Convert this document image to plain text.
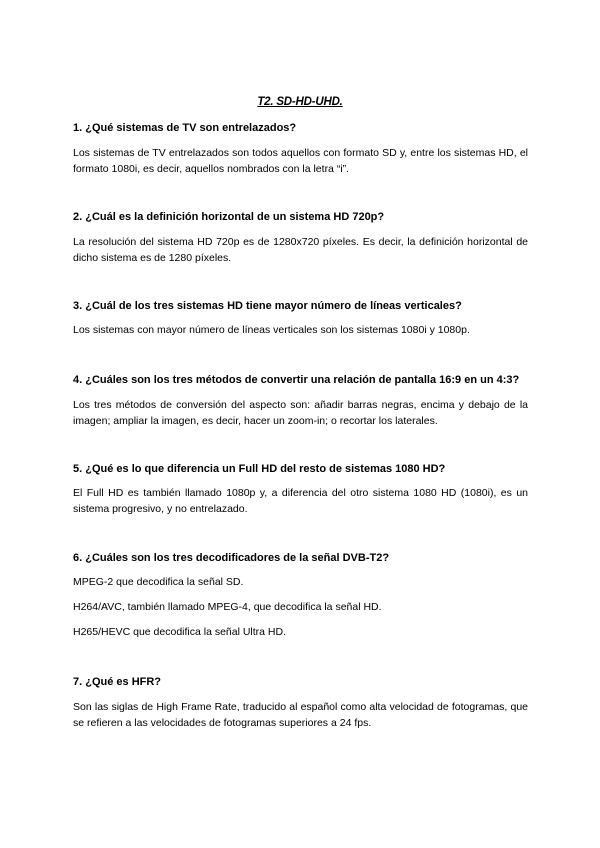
T2. SD-HD-UHD.
1. ¿Qué sistemas de TV son entrelazados?
Los sistemas de TV entrelazados son todos aquellos con formato SD y, entre los sistemas HD, el formato 1080i, es decir, aquellos nombrados con la letra “i”.
2. ¿Cuál es la definición horizontal de un sistema HD 720p?
La resolución del sistema HD 720p es de 1280x720 píxeles. Es decir, la definición horizontal de dicho sistema es de 1280 píxeles.
3. ¿Cuál de los tres sistemas HD tiene mayor número de líneas verticales?
Los sistemas con mayor número de líneas verticales son los sistemas 1080i y 1080p.
4. ¿Cuáles son los tres métodos de convertir una relación de pantalla 16:9 en un 4:3?
Los tres métodos de conversión del aspecto son: añadir barras negras, encima y debajo de la imagen; ampliar la imagen, es decir, hacer un zoom-in; o recortar los laterales.
5. ¿Qué es lo que diferencia un Full HD del resto de sistemas 1080 HD?
El Full HD es también llamado 1080p y, a diferencia del otro sistema 1080 HD (1080i), es un sistema progresivo, y no entrelazado.
6. ¿Cuáles son los tres decodificadores de la señal DVB-T2?
MPEG-2 que decodifica la señal SD.
H264/AVC, también llamado MPEG-4, que decodifica la señal HD.
H265/HEVC que decodifica la señal Ultra HD.
7. ¿Qué es HFR?
Son las siglas de High Frame Rate, traducido al español como alta velocidad de fotogramas, que se refieren a las velocidades de fotogramas superiores a 24 fps.
